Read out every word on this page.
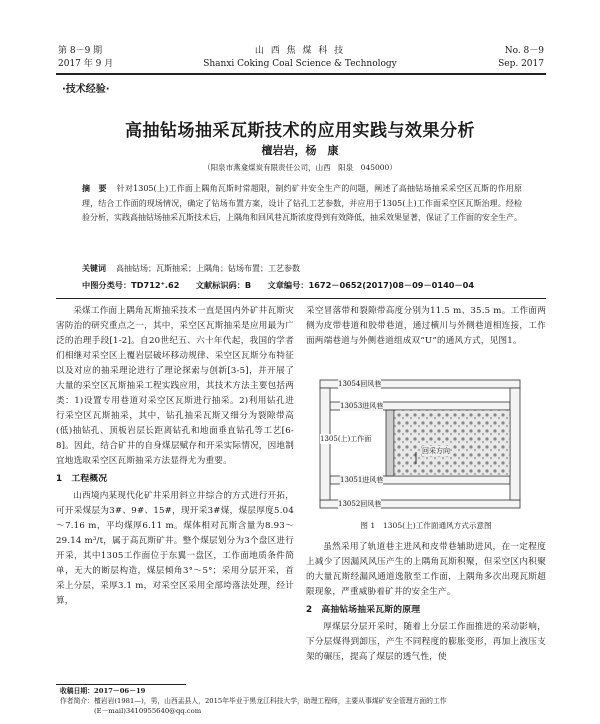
第 8－9 期
2017 年 9 月
山 西 焦 煤 科 技
Shanxi Coking Coal Science & Technology
No. 8－9
Sep. 2017
·技术经验·
高抽钻场抽采瓦斯技术的应用实践与效果分析
檀岩岩，杨　康
（阳泉市燕龛煤炭有限责任公司，山西　阳泉　045000）
摘　要 针对1305(上)工作面上隅角瓦斯时常超限，制约矿井安全生产的问题，阐述了高抽钻场抽采采空区瓦斯的作用原理，结合工作面的现场情况，确定了钻场布置方案，设计了钻孔工艺参数，并应用于1305(上)工作面采空区瓦斯治理。经检验分析，实践高抽钻场抽采瓦斯技术后，上隅角和回风巷瓦斯浓度得到有效降低，抽采效果显著，保证了工作面的安全生产。
关键词 高抽钻场；瓦斯抽采；上隅角；钻场布置；工艺参数
中图分类号：TD712⁺.62　　文献标识码：B　　文章编号：1672－0652(2017)08－09－0140－04

采煤工作面上隅角瓦斯抽采技术一直是国内外矿井瓦斯灾害防治的研究重点之一，其中，采空区瓦斯抽采是应用最为广泛的治理手段[1-2]。自20世纪五、六十年代起，我国的学者们相继对采空区上覆岩层破坏移动规律、采空区瓦斯分布特征以及对应的抽采理论进行了理论探索与创新[3-5]，并开展了大量的采空区瓦斯抽采工程实践应用，其技术方法主要包括两类：1)设置专用巷道对采空区瓦斯进行抽采。2)利用钻孔进行采空区瓦斯抽采，其中，钻孔抽采瓦斯又细分为裂隙带高(低)抽钻孔、顶板岩层长距离钻孔和地面垂直钻孔等工艺[6-8]。因此，结合矿井的自身煤层赋存和开采实际情况，因地制宜地选取采空区瓦斯抽采方法显得尤为重要。

1　工程概况

山西境内某现代化矿井采用斜立井综合的方式进行开拓，可开采煤层为3#、9#、15#，现开采3#煤，煤层厚度5.04～7.16 m，平均煤厚6.11 m。煤体相对瓦斯含量为8.93～29.14 m³/t，属于高瓦斯矿井。整个煤层划分为3个盘区进行开采，其中1305工作面位于东翼一盘区，工作面地质条件简单，无大的断层构造，煤层倾角3°～5°；采用分层开采，首采上分层，采厚3.1 m，对采空区采用全部垮落法处理，经计算，

采空冒落带和裂隙带高度分别为11.5 m、35.5 m。工作面两侧为皮带巷道和胶带巷道，通过横川与外侧巷道相连接，工作面两端巷道与外侧巷道组成双“U”的通风方式，见图1。

13054回风巷
13053进风巷
1305(上)工作面
回采方向
13051进风巷
13052回风巷
图 1　1305(上)工作面通风方式示意图

虽然采用了轨道巷主进风和皮带巷辅助进风，在一定程度上减少了因漏风风压产生的上隅角瓦斯积聚，但采空区内积聚的大量瓦斯经漏风通道逸散至工作面，上隅角多次出现瓦斯超限现象，严重威胁着矿井的安全生产。

2　高抽钻场抽采瓦斯的原理

厚煤层分层开采时，随着上分层工作面推进的采动影响，下分层煤得到卸压，产生不同程度的膨胀变形，再加上液压支架的碾压，提高了煤层的透气性，使

收稿日期：2017－06－19
作者简介：檀岩岩(1981—)，男，山西盂县人，2015年毕业于黑龙江科技大学，助理工程师，主要从事煤矿安全管理方面的工作
(E－mail)3410955640@qq.com
